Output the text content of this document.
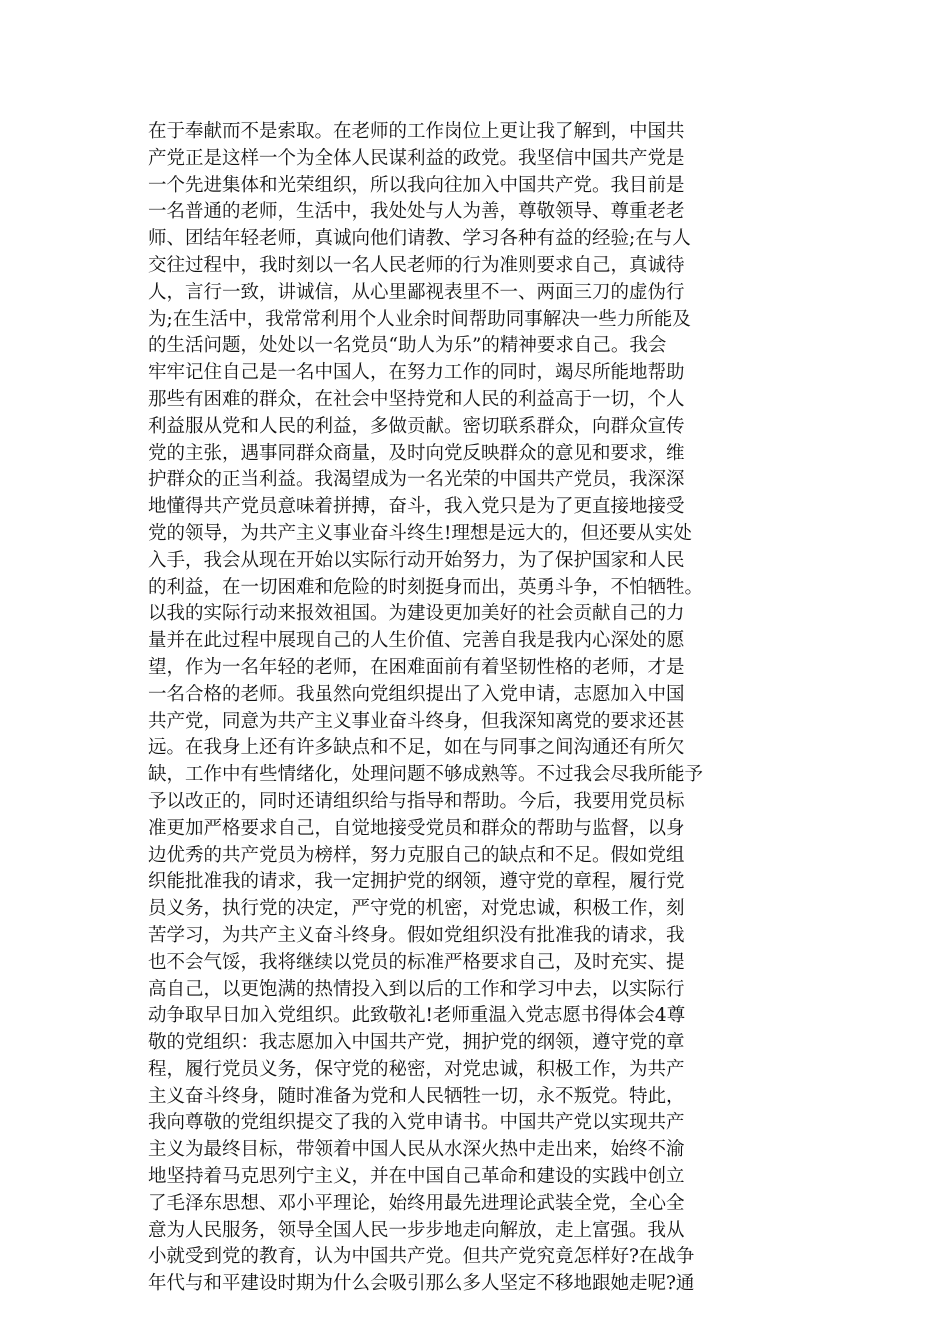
在于奉献而不是索取。在老师的工作岗位上更让我了解到，中国共
产党正是这样一个为全体人民谋利益的政党。我坚信中国共产党是
一个先进集体和光荣组织，所以我向往加入中国共产党。我目前是
一名普通的老师，生活中，我处处与人为善，尊敬领导、尊重老老
师、团结年轻老师，真诚向他们请教、学习各种有益的经验;在与人
交往过程中，我时刻以一名人民老师的行为准则要求自己，真诚待
人，言行一致，讲诚信，从心里鄙视表里不一、两面三刀的虚伪行
为;在生活中，我常常利用个人业余时间帮助同事解决一些力所能及
的生活问题，处处以一名党员“助人为乐”的精神要求自己。我会
牢牢记住自己是一名中国人，在努力工作的同时，竭尽所能地帮助
那些有困难的群众，在社会中坚持党和人民的利益高于一切，个人
利益服从党和人民的利益，多做贡献。密切联系群众，向群众宣传
党的主张，遇事同群众商量，及时向党反映群众的意见和要求，维
护群众的正当利益。我渴望成为一名光荣的中国共产党员，我深深
地懂得共产党员意味着拼搏，奋斗，我入党只是为了更直接地接受
党的领导，为共产主义事业奋斗终生!理想是远大的，但还要从实处
入手，我会从现在开始以实际行动开始努力，为了保护国家和人民
的利益，在一切困难和危险的时刻挺身而出，英勇斗争，不怕牺牲。
以我的实际行动来报效祖国。为建设更加美好的社会贡献自己的力
量并在此过程中展现自己的人生价值、完善自我是我内心深处的愿
望，作为一名年轻的老师，在困难面前有着坚韧性格的老师，才是
一名合格的老师。我虽然向党组织提出了入党申请，志愿加入中国
共产党，同意为共产主义事业奋斗终身，但我深知离党的要求还甚
远。在我身上还有许多缺点和不足，如在与同事之间沟通还有所欠
缺，工作中有些情绪化，处理问题不够成熟等。不过我会尽我所能予
予以改正的，同时还请组织给与指导和帮助。今后，我要用党员标
准更加严格要求自己，自觉地接受党员和群众的帮助与监督，以身
边优秀的共产党员为榜样，努力克服自己的缺点和不足。假如党组
织能批准我的请求，我一定拥护党的纲领，遵守党的章程，履行党
员义务，执行党的决定，严守党的机密，对党忠诚，积极工作，刻
苦学习，为共产主义奋斗终身。假如党组织没有批准我的请求，我
也不会气馁，我将继续以党员的标准严格要求自己，及时充实、提
高自己，以更饱满的热情投入到以后的工作和学习中去，以实际行
动争取早日加入党组织。此致敬礼!老师重温入党志愿书得体会4尊
敬的党组织：我志愿加入中国共产党，拥护党的纲领，遵守党的章
程，履行党员义务，保守党的秘密，对党忠诚，积极工作，为共产
主义奋斗终身，随时准备为党和人民牺牲一切，永不叛党。特此，
我向尊敬的党组织提交了我的入党申请书。中国共产党以实现共产
主义为最终目标，带领着中国人民从水深火热中走出来，始终不渝
地坚持着马克思列宁主义，并在中国自己革命和建设的实践中创立
了毛泽东思想、邓小平理论，始终用最先进理论武装全党，全心全
意为人民服务，领导全国人民一步步地走向解放，走上富强。我从
小就受到党的教育，认为中国共产党。但共产党究竟怎样好?在战争
年代与和平建设时期为什么会吸引那么多人坚定不移地跟她走呢?通
